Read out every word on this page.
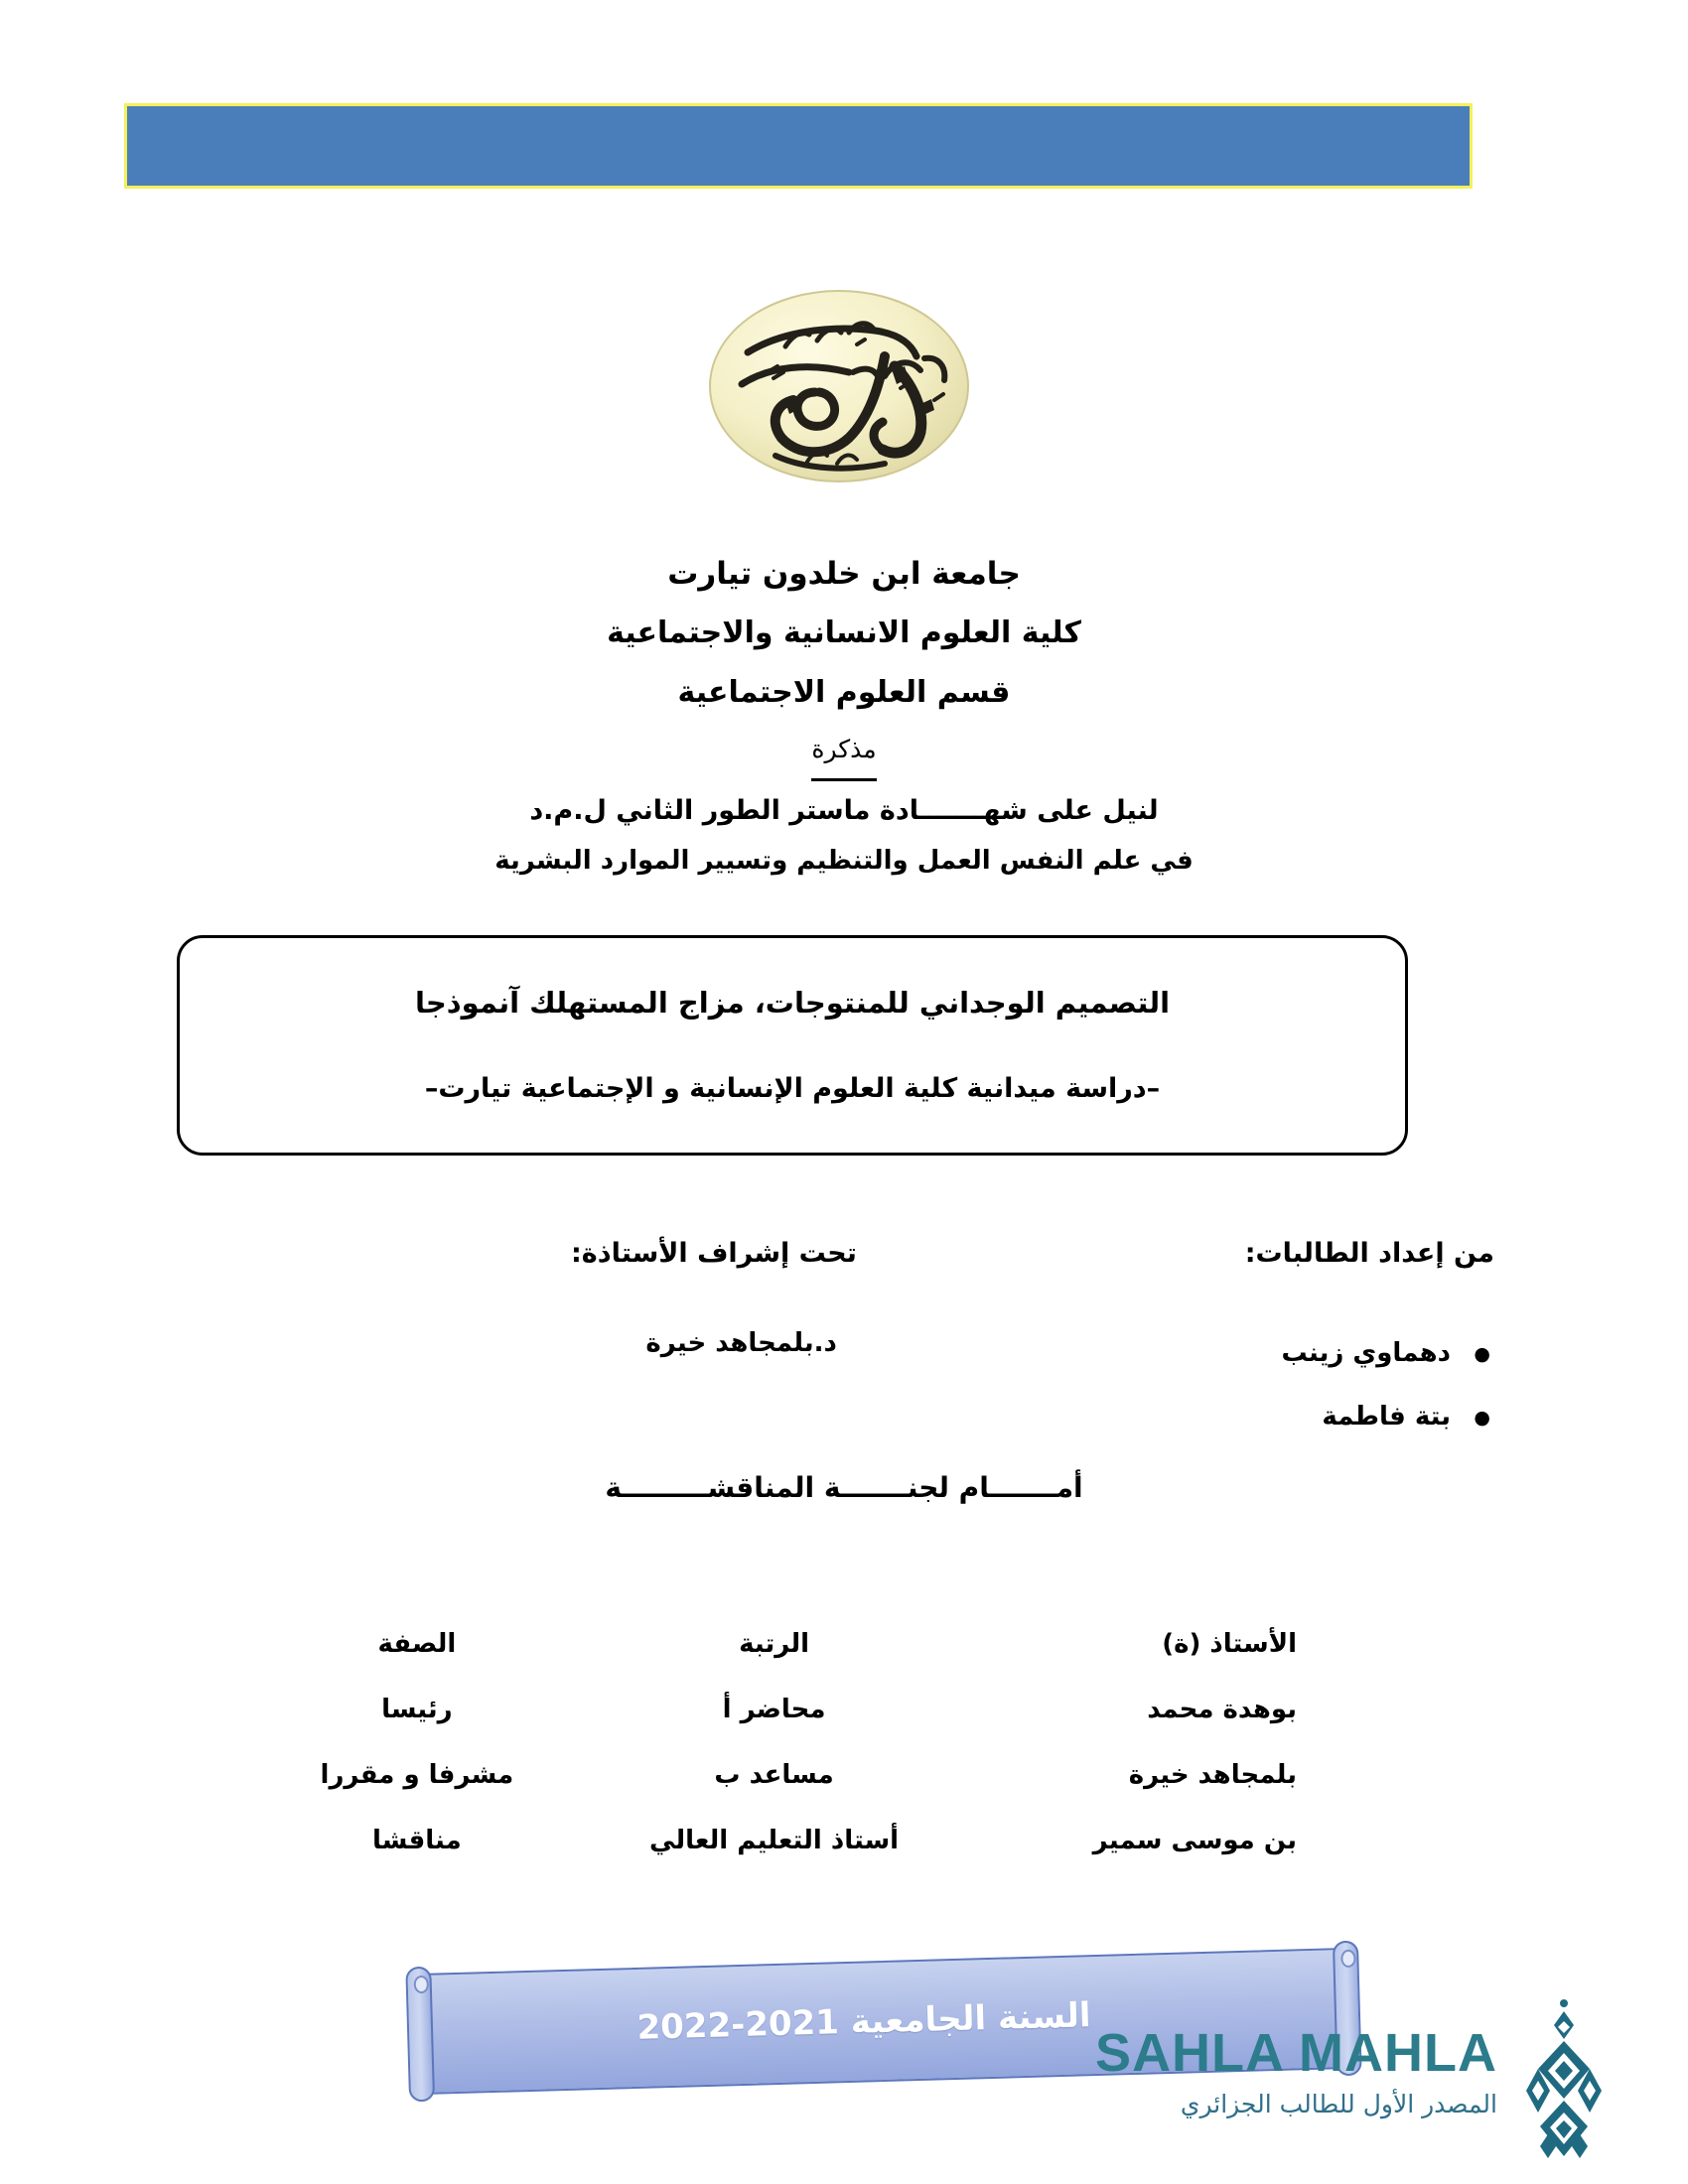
جامعة ابن خلدون تيارت
كلية العلوم الانسانية والاجتماعية
قسم العلوم الاجتماعية
مذكرة
لنيل على شهـــــــادة ماستر الطور الثاني ل.م.د
في علم النفس العمل والتنظيم وتسيير الموارد البشرية
التصميم الوجداني للمنتوجات، مزاج المستهلك آنموذجا
–دراسة ميدانية كلية العلوم الإنسانية و الإجتماعية تيارت–
من إعداد الطالبات:
● دهماوي زينب
● بتة فاطمة
تحت إشراف الأستاذة:
د.بلمجاهد خيرة
أمـــــــام لجنـــــــة المناقشـــــــــة
الأستاذ (ة)	الرتبة	الصفة
بوهدة محمد	محاضر أ	رئيسا
بلمجاهد خيرة	مساعد ب	مشرفا و مقررا
بن موسى سمير	أستاذ التعليم العالي	مناقشا
السنة الجامعية 2021-2022
SAHLA MAHLA
المصدر الأول للطالب الجزائري
